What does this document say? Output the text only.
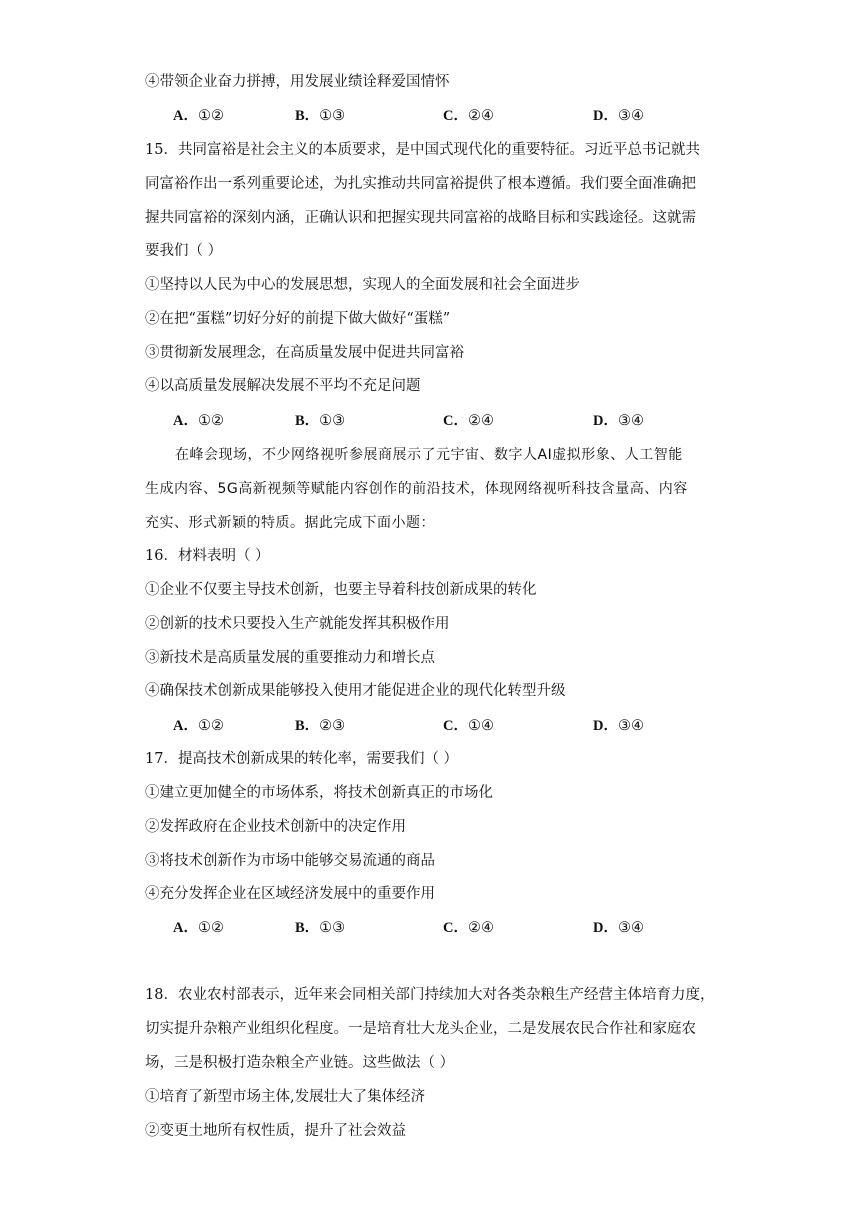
④带领企业奋力拼搏，用发展业绩诠释爱国情怀
A．①②	B．①③	C．②④	D．③④
15．共同富裕是社会主义的本质要求，是中国式现代化的重要特征。习近平总书记就共
同富裕作出一系列重要论述，为扎实推动共同富裕提供了根本遵循。我们要全面准确把
握共同富裕的深刻内涵，正确认识和把握实现共同富裕的战略目标和实践途径。这就需
要我们（ ）
①坚持以人民为中心的发展思想，实现人的全面发展和社会全面进步
②在把“蛋糕”切好分好的前提下做大做好“蛋糕”
③贯彻新发展理念，在高质量发展中促进共同富裕
④以高质量发展解决发展不平均不充足问题
A．①②	B．①③	C．②④	D．③④
在峰会现场，不少网络视听参展商展示了元宇宙、数字人AI虚拟形象、人工智能
生成内容、5G高新视频等赋能内容创作的前沿技术，体现网络视听科技含量高、内容
充实、形式新颖的特质。据此完成下面小题：
16．材料表明（ ）
①企业不仅要主导技术创新，也要主导着科技创新成果的转化
②创新的技术只要投入生产就能发挥其积极作用
③新技术是高质量发展的重要推动力和增长点
④确保技术创新成果能够投入使用才能促进企业的现代化转型升级
A．①②	B．②③	C．①④	D．③④
17．提高技术创新成果的转化率，需要我们（ ）
①建立更加健全的市场体系，将技术创新真正的市场化
②发挥政府在企业技术创新中的决定作用
③将技术创新作为市场中能够交易流通的商品
④充分发挥企业在区域经济发展中的重要作用
A．①②	B．①③	C．②④	D．③④
18．农业农村部表示，近年来会同相关部门持续加大对各类杂粮生产经营主体培育力度，
切实提升杂粮产业组织化程度。一是培育壮大龙头企业，二是发展农民合作社和家庭农
场，三是积极打造杂粮全产业链。这些做法（ ）
①培育了新型市场主体,发展壮大了集体经济
②变更土地所有权性质，提升了社会效益
